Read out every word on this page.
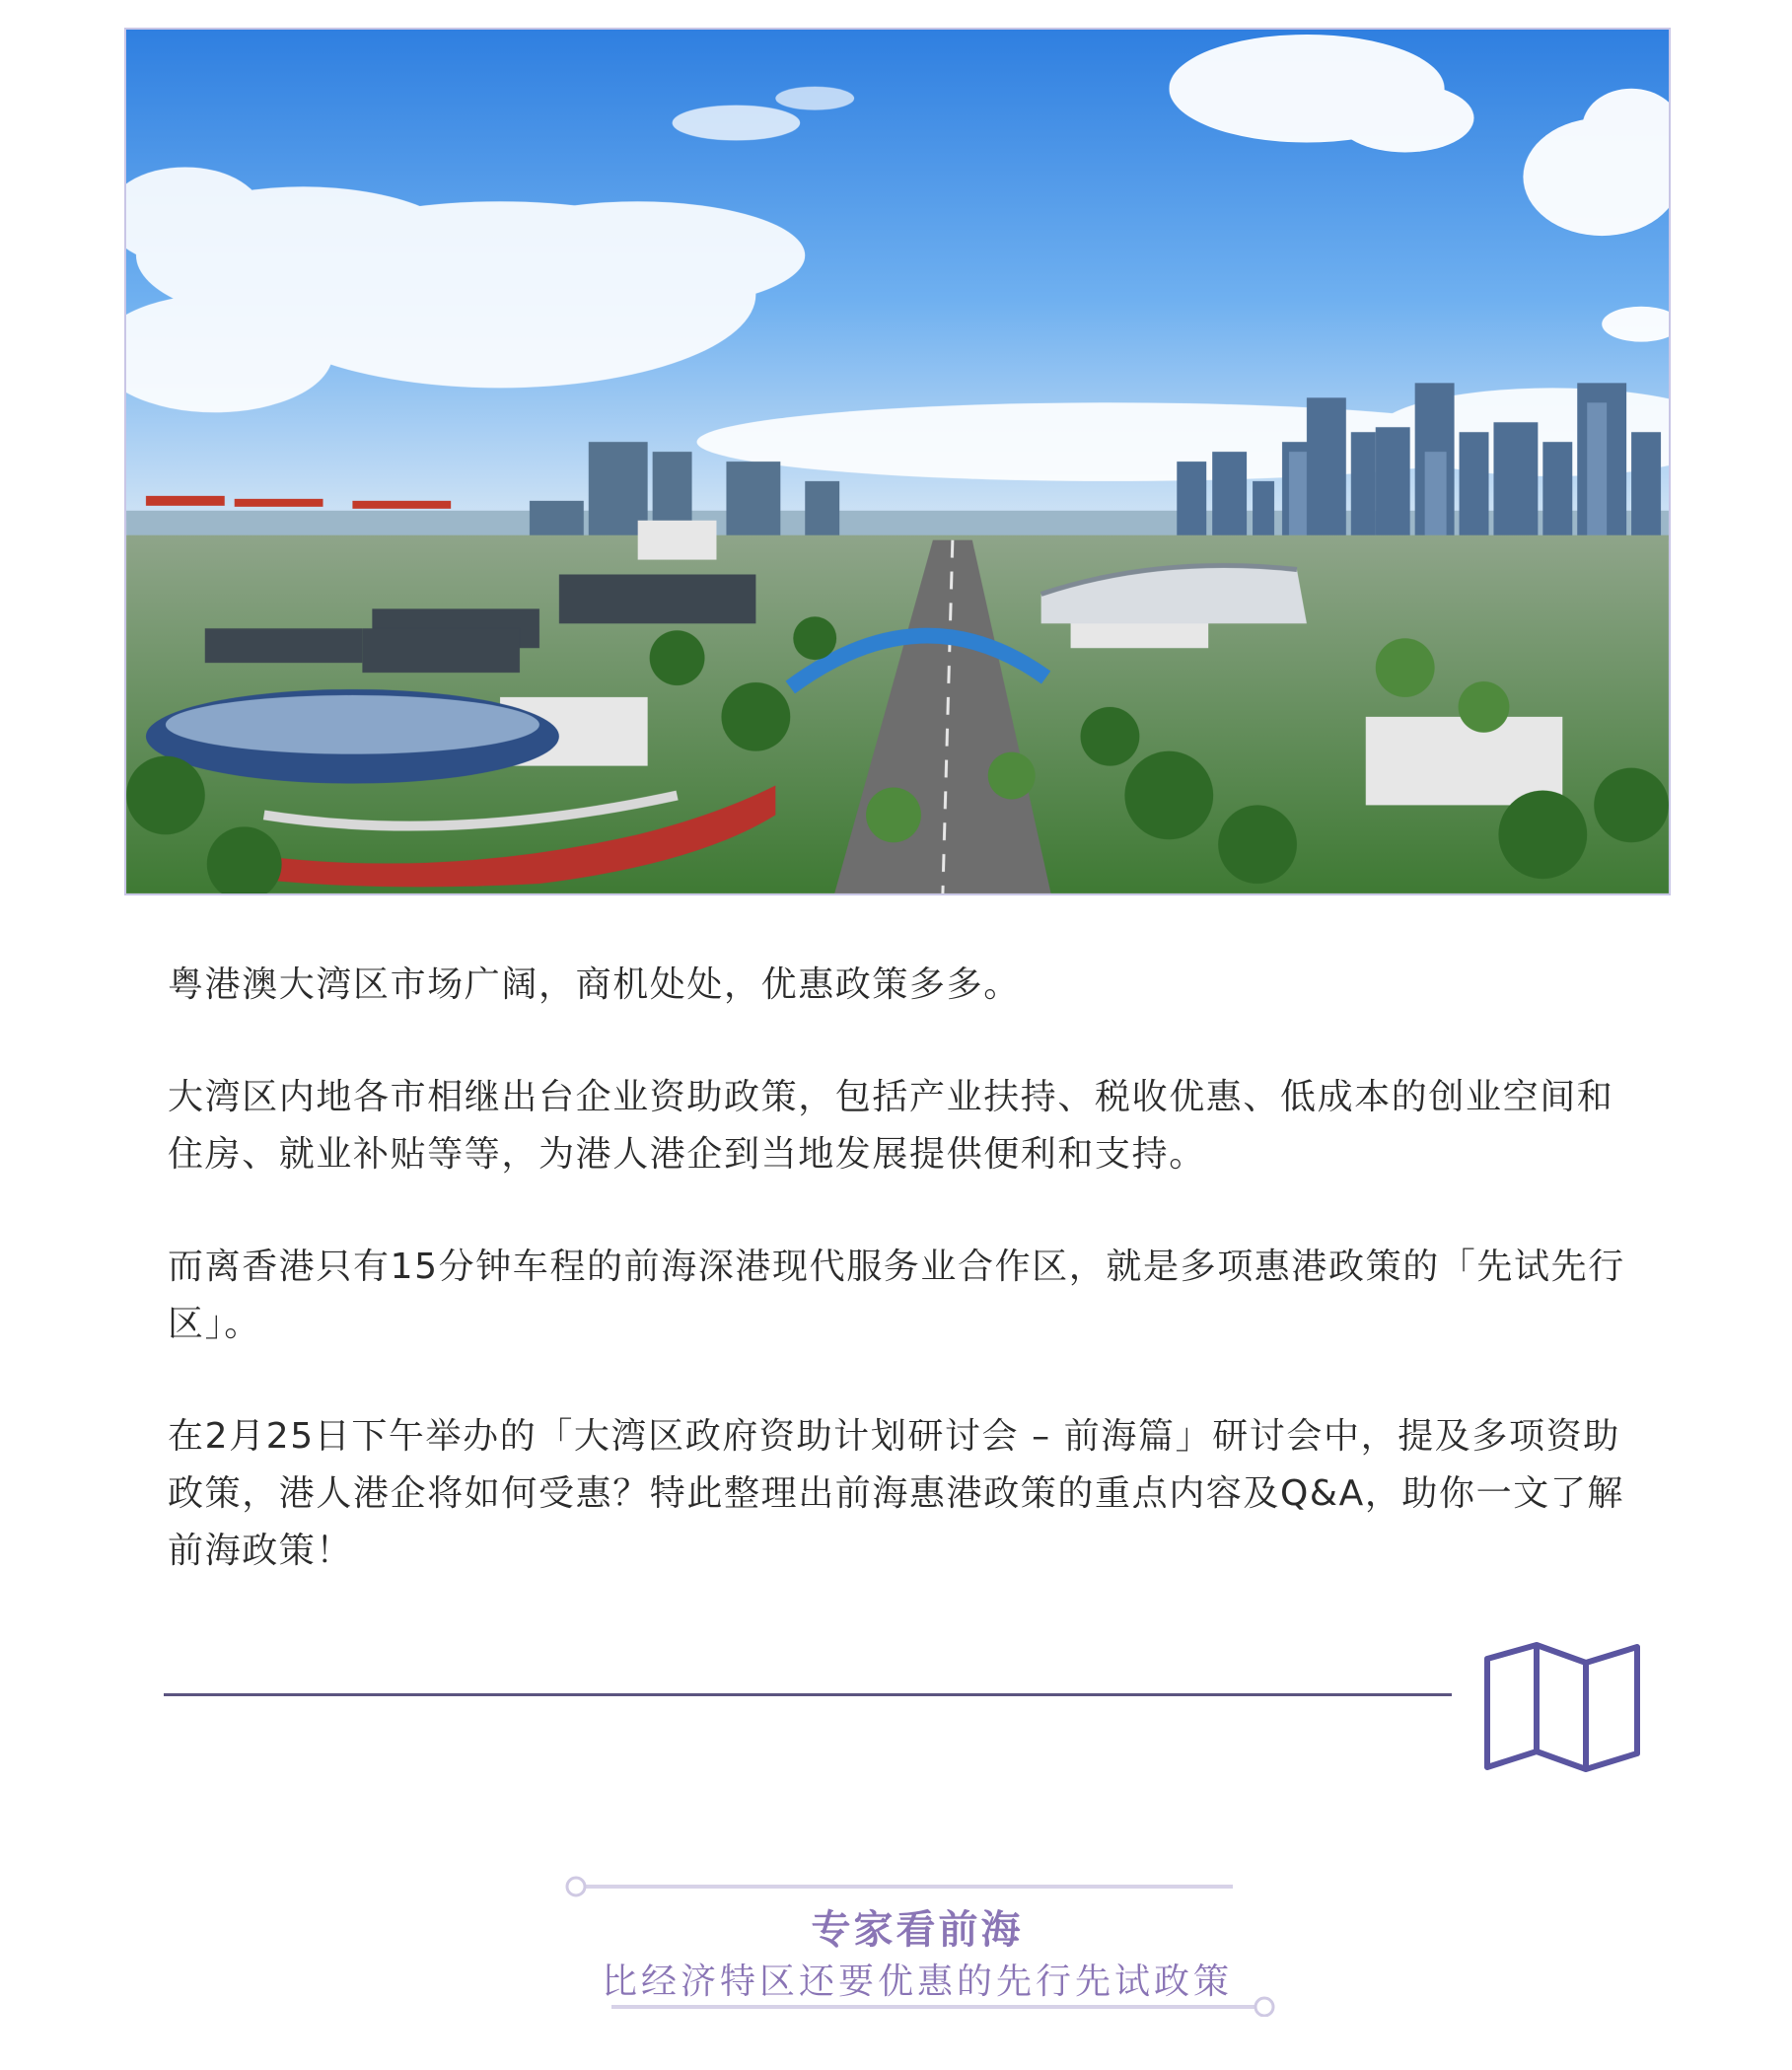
粤港澳大湾区市场广阔，商机处处，优惠政策多多。

大湾区内地各市相继出台企业资助政策，包括产业扶持、税收优惠、低成本的创业空间和住房、就业补贴等等，为港人港企到当地发展提供便利和支持。

而离香港只有15分钟车程的前海深港现代服务业合作区，就是多项惠港政策的「先试先行区」。

在2月25日下午举办的「大湾区政府资助计划研讨会 – 前海篇」研讨会中，提及多项资助政策，港人港企将如何受惠？特此整理出前海惠港政策的重点内容及Q&A，助你一文了解前海政策！

专家看前海
比经济特区还要优惠的先行先试政策
